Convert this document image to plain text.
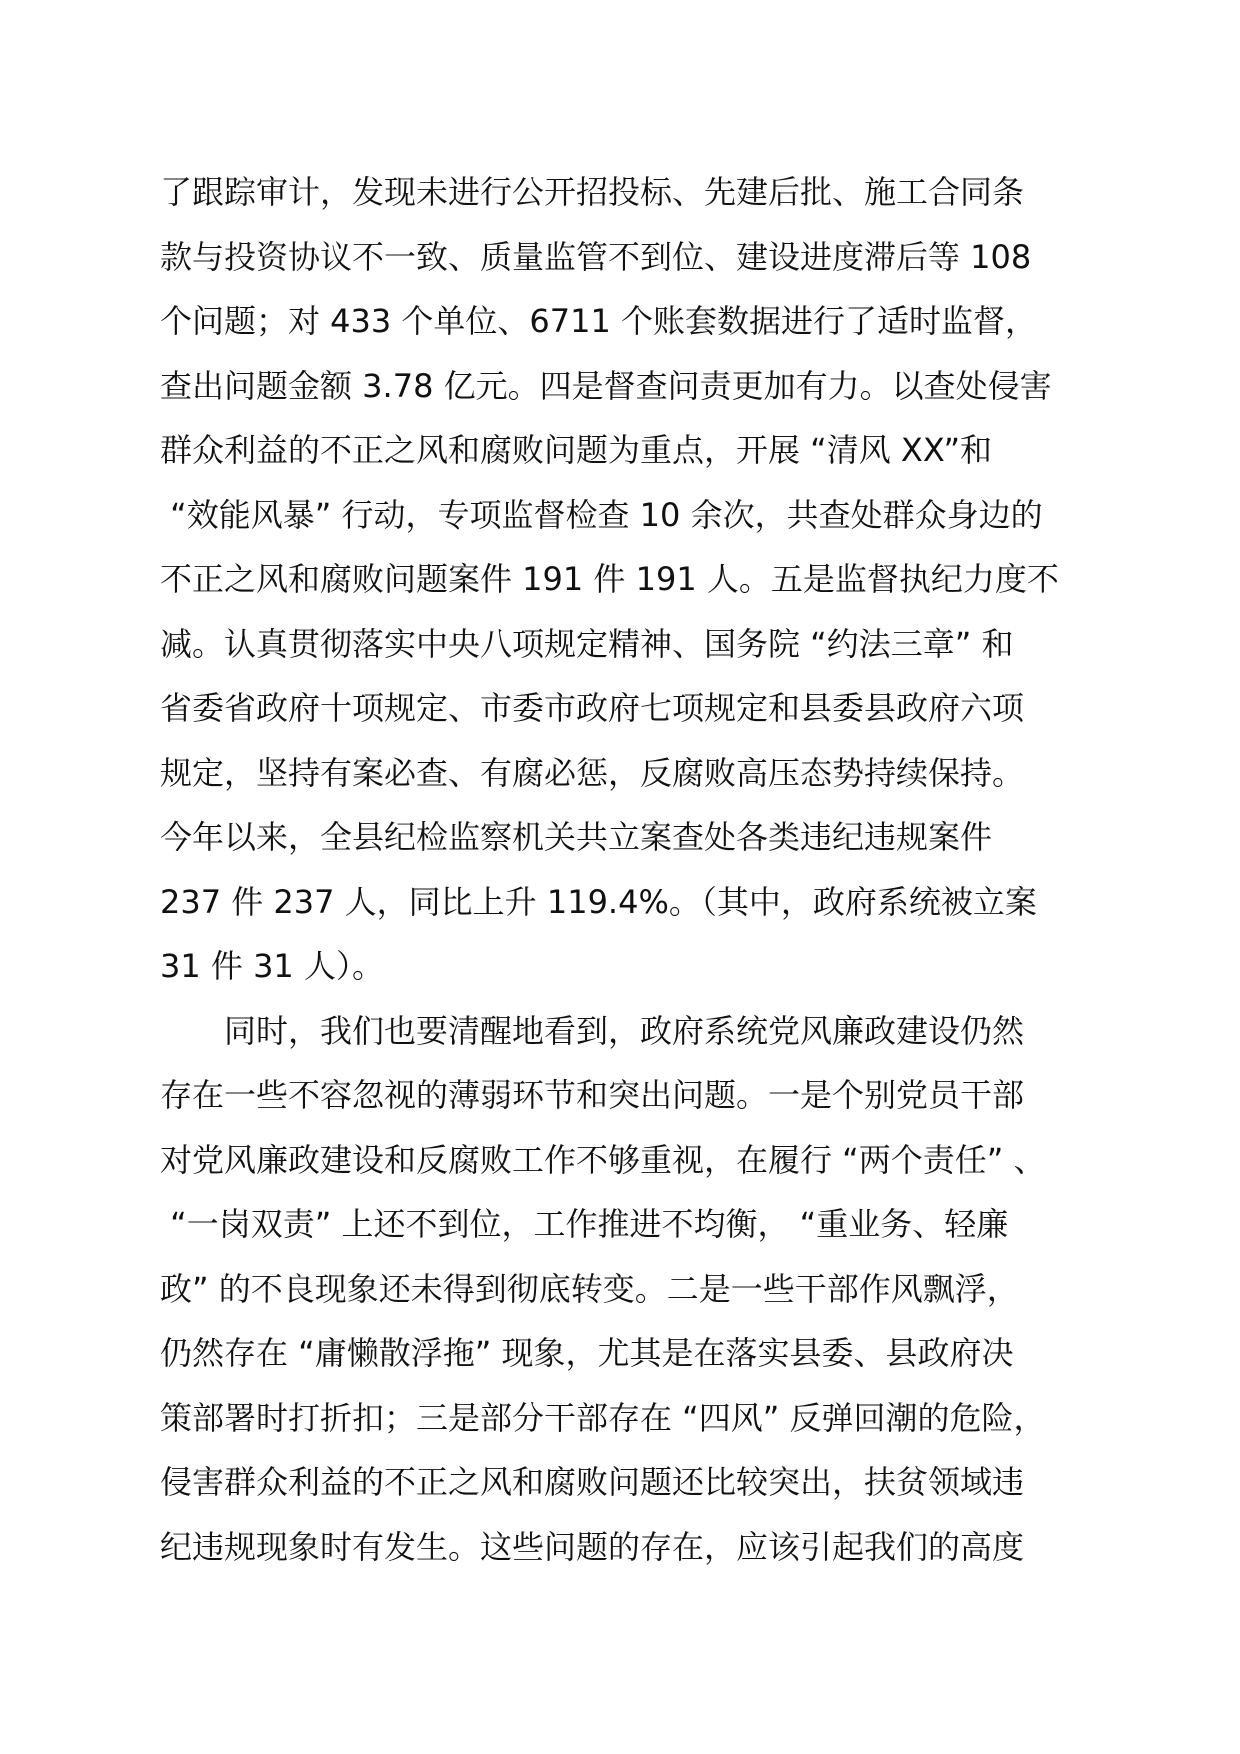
了跟踪审计，发现未进行公开招投标、先建后批、施工合同条
款与投资协议不一致、质量监管不到位、建设进度滞后等 108
个问题；对 433 个单位、6711 个账套数据进行了适时监督，
查出问题金额 3.78 亿元。四是督查问责更加有力。以查处侵害
群众利益的不正之风和腐败问题为重点，开展 “清风 XX”和
“效能风暴” 行动，专项监督检查 10 余次，共查处群众身边的
不正之风和腐败问题案件 191 件 191 人。五是监督执纪力度不
减。认真贯彻落实中央八项规定精神、国务院 “约法三章” 和
省委省政府十项规定、市委市政府七项规定和县委县政府六项
规定，坚持有案必查、有腐必惩，反腐败高压态势持续保持。
今年以来，全县纪检监察机关共立案查处各类违纪违规案件
237 件 237 人，同比上升 119.4%。（其中，政府系统被立案
31 件 31 人）。
　　同时，我们也要清醒地看到，政府系统党风廉政建设仍然
存在一些不容忽视的薄弱环节和突出问题。一是个别党员干部
对党风廉政建设和反腐败工作不够重视，在履行 “两个责任” 、
“一岗双责” 上还不到位，工作推进不均衡， “重业务、轻廉
政” 的不良现象还未得到彻底转变。二是一些干部作风飘浮，
仍然存在 “庸懒散浮拖” 现象，尤其是在落实县委、县政府决
策部署时打折扣；三是部分干部存在 “四风” 反弹回潮的危险，
侵害群众利益的不正之风和腐败问题还比较突出，扶贫领域违
纪违规现象时有发生。这些问题的存在，应该引起我们的高度
